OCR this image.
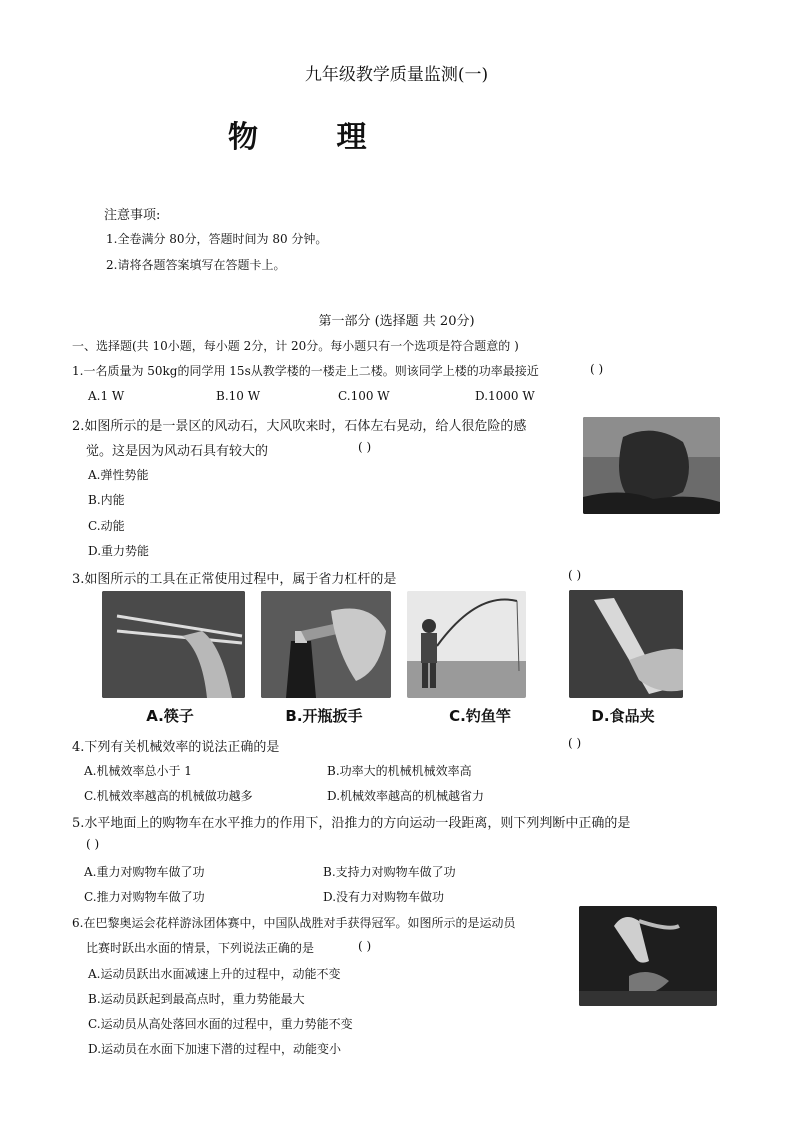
九年级教学质量监测(一)
物 理
注意事项:
1.全卷满分 80分，答题时间为 80 分钟。
2.请将各题答案填写在答题卡上。
第一部分 (选择题 共 20分)
一、选择题(共 10小题，每小题 2分，计 20分。每小题只有一个选项是符合题意的 )
1.一名质量为 50kg的同学用 15s从教学楼的一楼走上二楼。则该同学上楼的功率最接近	( )
A.1 W	B.10 W	C.100 W	D.1000 W
2.如图所示的是一景区的风动石，大风吹来时，石体左右晃动，给人很危险的感
觉。这是因为风动石具有较大的	( )
A.弹性势能
B.内能
C.动能
D.重力势能
3.如图所示的工具在正常使用过程中，属于省力杠杆的是	( )
A.筷子	B.开瓶扳手	C.钓鱼竿	D.食品夹
4.下列有关机械效率的说法正确的是	( )
A.机械效率总小于 1	B.功率大的机械机械效率高
C.机械效率越高的机械做功越多	D.机械效率越高的机械越省力
5.水平地面上的购物车在水平推力的作用下，沿推力的方向运动一段距离，则下列判断中正确的是
( )
A.重力对购物车做了功	B.支持力对购物车做了功
C.推力对购物车做了功	D.没有力对购物车做功
6.在巴黎奥运会花样游泳团体赛中，中国队战胜对手获得冠军。如图所示的是运动员
比赛时跃出水面的情景，下列说法正确的是	( )
A.运动员跃出水面减速上升的过程中，动能不变
B.运动员跃起到最高点时，重力势能最大
C.运动员从高处落回水面的过程中，重力势能不变
D.运动员在水面下加速下潜的过程中，动能变小
